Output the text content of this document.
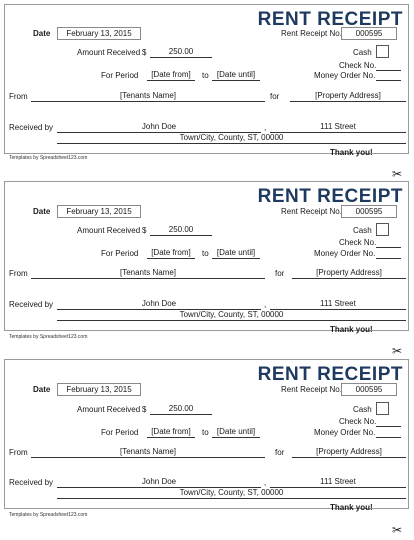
RENT RECEIPT
Date	February 13, 2015	Rent Receipt No.	000595
Amount Received $	250.00	Cash
Check No.
For Period	[Date from]	to	[Date until]	Money Order No.
From	[Tenants Name]	for	[Property Address]
Received by	John Doe	,	111 Street
Town/City, County, ST, 00000
Templates by Spreadsheet123.com
Thank you!
✂
RENT RECEIPT
Date	February 13, 2015	Rent Receipt No.	000595
Amount Received $	250.00	Cash
Check No.
For Period	[Date from]	to	[Date until]	Money Order No.
From	[Tenants Name]	for	[Property Address]
Received by	John Doe	,	111 Street
Town/City, County, ST, 00000
Templates by Spreadsheet123.com
Thank you!
✂
RENT RECEIPT
Date	February 13, 2015	Rent Receipt No.	000595
Amount Received $	250.00	Cash
Check No.
For Period	[Date from]	to	[Date until]	Money Order No.
From	[Tenants Name]	for	[Property Address]
Received by	John Doe	,	111 Street
Town/City, County, ST, 00000
Templates by Spreadsheet123.com
Thank you!
✂
